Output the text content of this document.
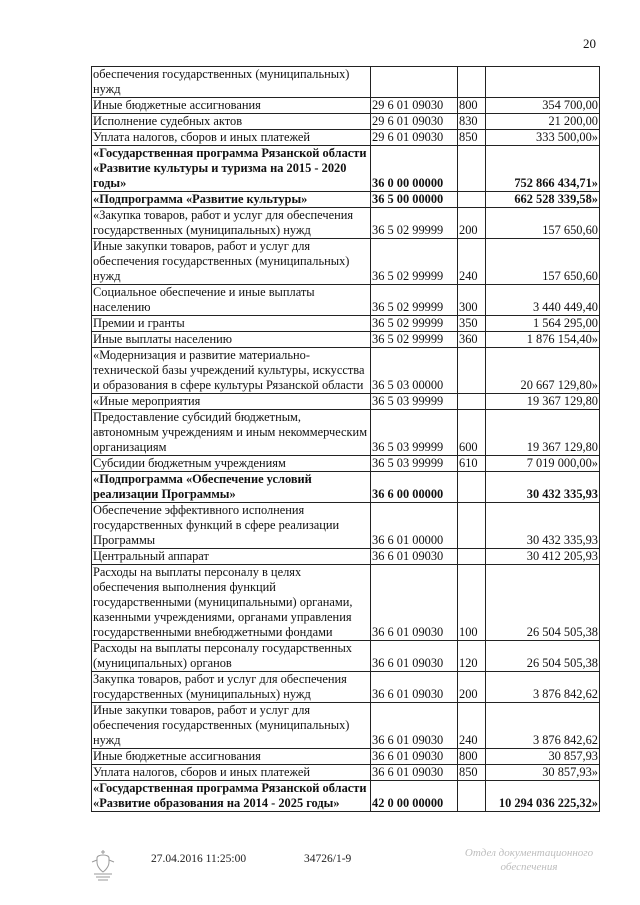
20
обеспечения государственных (муниципальных) нужд			
Иные бюджетные ассигнования	29 6 01 09030	800	354 700,00
Исполнение судебных актов	29 6 01 09030	830	21 200,00
Уплата налогов, сборов и иных платежей	29 6 01 09030	850	333 500,00»
«Государственная программа Рязанской области «Развитие культуры и туризма на 2015 - 2020 годы»	36 0 00 00000		752 866 434,71»
«Подпрограмма «Развитие культуры»	36 5 00 00000		662 528 339,58»
«Закупка товаров, работ и услуг для обеспечения государственных (муниципальных) нужд	36 5 02 99999	200	157 650,60
Иные закупки товаров, работ и услуг для обеспечения государственных (муниципальных) нужд	36 5 02 99999	240	157 650,60
Социальное обеспечение и иные выплаты населению	36 5 02 99999	300	3 440 449,40
Премии и гранты	36 5 02 99999	350	1 564 295,00
Иные выплаты населению	36 5 02 99999	360	1 876 154,40»
«Модернизация и развитие материально-технической базы учреждений культуры, искусства и образования в сфере культуры Рязанской области	36 5 03 00000		20 667 129,80»
«Иные мероприятия	36 5 03 99999		19 367 129,80
Предоставление субсидий бюджетным, автономным учреждениям и иным некоммерческим организациям	36 5 03 99999	600	19 367 129,80
Субсидии бюджетным учреждениям	36 5 03 99999	610	7 019 000,00»
«Подпрограмма «Обеспечение условий реализации Программы»	36 6 00 00000		30 432 335,93
Обеспечение эффективного исполнения государственных функций в сфере реализации Программы	36 6 01 00000		30 432 335,93
Центральный аппарат	36 6 01 09030		30 412 205,93
Расходы на выплаты персоналу в целях обеспечения выполнения функций государственными (муниципальными) органами, казенными учреждениями, органами управления государственными внебюджетными фондами	36 6 01 09030	100	26 504 505,38
Расходы на выплаты персоналу государственных (муниципальных) органов	36 6 01 09030	120	26 504 505,38
Закупка товаров, работ и услуг для обеспечения государственных (муниципальных) нужд	36 6 01 09030	200	3 876 842,62
Иные закупки товаров, работ и услуг для обеспечения государственных (муниципальных) нужд	36 6 01 09030	240	3 876 842,62
Иные бюджетные ассигнования	36 6 01 09030	800	30 857,93
Уплата налогов, сборов и иных платежей	36 6 01 09030	850	30 857,93»
«Государственная программа Рязанской области «Развитие образования на 2014 - 2025 годы»	42 0 00 00000		10 294 036 225,32»
27.04.2016 11:25:00	34726/1-9	Отдел документационного
обеспечения
